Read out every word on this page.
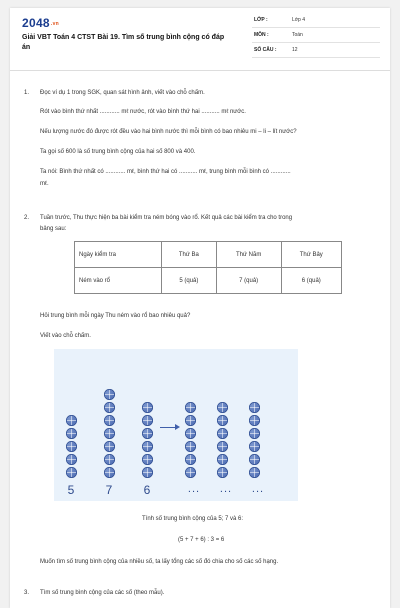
$2048^{.vn}$
Giải VBT Toán 4 CTST Bài 19. Tìm số trung bình cộng có đáp án
LỚP :	Lớp 4
MÔN :	Toán
SỐ CÂU :	12
1. Đọc ví dụ 1 trong SGK, quan sát hình ảnh, viết vào chỗ chấm.
Rót vào bình thứ nhất ............ mℓ nước, rót vào bình thứ hai ........... mℓ nước.
Nếu lượng nước đó được rót đều vào hai bình nước thì mỗi bình có bao nhiêu mi – li – lít nước?
Ta gọi số 600 là số trung bình cộng của hai số 800 và 400.
Ta nói: Bình thứ nhất có ............ mℓ, bình thứ hai có ........... mℓ, trung bình mỗi bình có ............
mℓ.
2. Tuần trước, Thu thực hiện ba bài kiểm tra ném bóng vào rổ. Kết quả các bài kiểm tra cho trong
bảng sau:
Ngày kiểm tra	Thứ Ba	Thứ Năm	Thứ Bảy
Ném vào rổ	5 (quả)	7 (quả)	6 (quả)
Hỏi trung bình mỗi ngày Thu ném vào rổ bao nhiêu quả?
Viết vào chỗ chấm.
5	7	6	...	...	...
Tính số trung bình cộng của 5; 7 và 6:
(5 + 7 + 6) : 3 = 6
Muốn tìm số trung bình cộng của nhiều số, ta lấy tổng các số đó chia cho số các số hạng.
3. Tìm số trung bình cộng của các số (theo mẫu).
